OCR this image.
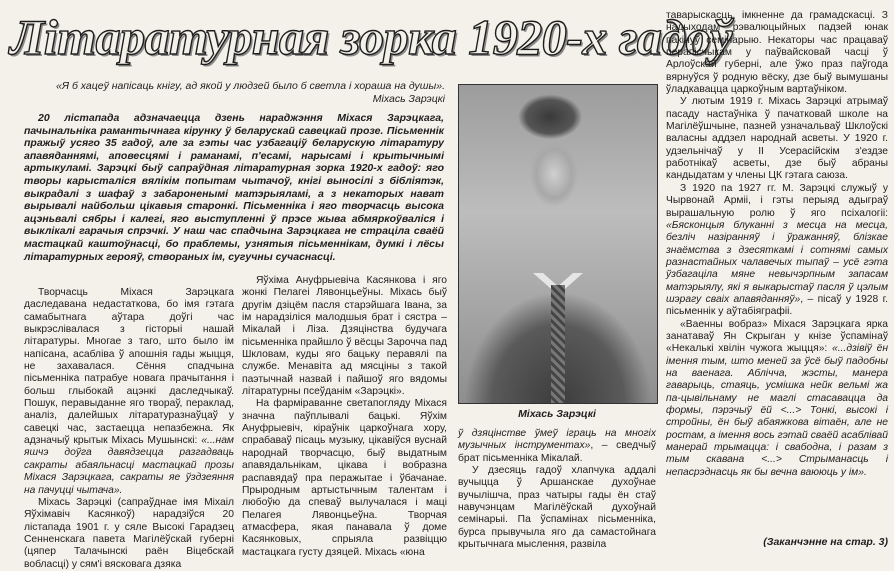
Літаратурная зорка 1920-х гадоў
«Я б хацеў напісаць кнігу, ад якой у людзей было б светла і хораша на душы».
Міхась Зарэцкі

20 лістапада адзначаецца дзень нараджэння Міхася Зарэцкага, пачынальніка рамантычнага кірунку ў беларускай савецкай прозе. Пісьменнік пражыў усяго 35 гадоў, але за гэты час узбагаціў беларускую літаратуру апавяданнямі, аповесцямі і раманамі, п'есамі, нарысамі і крытычнымі артыкуламі. Зарэцкі быў сапраўдная літаратурная зорка 1920-х гадоў: яго творы карысталіся вялікім попытам чытачоў, кнігі выносілі з бібліятэк, выкрадалі з шафаў з забароненымі матэрыяламі, а з некаторых нават вырывалі найбольш цікавыя старонкі. Пісьменніка і яго творчасць высока ацэньвалі сябры і калегі, яго выступленні ў прэсе жыва абмяркоўваліся і выклікалі гарачыя спрэчкі. У наш час спадчына Зарэцкага не страціла сваёй мастацкай каштоўнасці, бо праблемы, узнятыя пісьменнікам, думкі і лёсы літаратурных герояў, створаных ім, сугучны сучаснасці.

Творчасць Міхася Зарэцкага даследавана недастаткова, бо імя гэтага самабытнага аўтара доўгі час выкрэслівалася з гісторыі нашай літаратуры. Многае з таго, што было ім напісана, асабліва ў апошнія гады жыцця, не захавалася. Сёння спадчына пісьменніка патрабуе новага прачытання і больш глыбокай ацэнкі даследчыкаў. Пошук, перавыданне яго твораў, пераклад, аналіз, далейшых літаратуразнаўцаў у савецкі час, застаецца непазбежна. Як адзначыў крытык Міхась Мушынскі: «...нам яшчэ доўга давядзецца разгадваць сакраты абаяльнасці мастацкай прозы Міхася Зарэцкага, сакраты яе ўздзеяння на пачуцці чытача».

Міхась Зарэцкі (сапраўднае імя Міхаіл Яўхімавіч Касянкоў) нарадзіўся 20 лістапада 1901 г. у сяле Высокі Гарадзец Сенненскага павета Магілёўскай губерні (цяпер Талачынскі раён Віцебскай вобласці) у сям'і вясковага дзяка

Яўхіма Ануфрыевіча Касянкова і яго жонкі Пелагеі Лявонцьеўны. Міхась быў другім дзіцём пасля старэйшага Івана, за ім нарадзіліся малодшыя брат і сястра – Мікалай і Ліза. Дзяцінства будучага пісьменніка прайшло ў вёсцы Зарочча пад Шкловам, куды яго бацьку перавялі па службе. Менавіта ад мясціны з такой паэтычнай назвай і пайшоў яго вядомы літаратурны псеўданім «Зарэцкі».

На фарміраванне светапогляду Міхася значна паўплывалі бацькі. Яўхім Ануфрыевіч, кіраўнік царкоўнага хору, спрабаваў пісаць музыку, цікавіўся вуснай народнай творчасцю, быў выдатным апавядальнікам, цікава і вобразна распавядаў пра перажытае і ўбачанае. Прыродным артыстычным талентам і любоўю да спеваў вылучалася і маці Пелагея Лявонцьеўна. Творчая атмасфера, якая панавала ў доме Касянковых, спрыяла развіццю мастацкага густу дзяцей. Міхась «юна

Міхась Зарэцкі

ў дзяцінстве ўмеў іграць на многіх музычных інструментах», – сведчыў брат пісьменніка Мікалай.

У дзесяць гадоў хлапчука аддалі вучыцца ў Аршанскае духоўнае вучылішча, праз чатыры гады ён стаў навучэнцам Магілёўскай духоўнай семінарыі. Па ўспамінах пісьменніка, бурса прывучыла яго да самастойнага крытычнага мыслення, развіла

таварыскасць, імкненне да грамадскасці. З надыходам рэвалюцыйных падзей юнак пакінуў семінарыю. Некаторы час працаваў перапісчыкам у паўвайсковай часці ў Арлоўскай губерні, але ўжо праз паўгода вярнуўся ў родную вёску, дзе быў вымушаны ўладкавацца царкоўным вартаўніком.

У лютым 1919 г. Міхась Зарэцкі атрымаў пасаду настаўніка ў пачатковай школе на Магілёўшчыне, пазней узначальваў Шклоўскі валасны аддзел народнай асветы. У 1920 г. удзельнічаў у ІІ Усерасійскім з'ездзе работнікаў асветы, дзе быў абраны кандыдатам у члены ЦК гэтага саюза.

З 1920 па 1927 гг. М. Зарэцкі служыў у Чырвонай Арміі, і гэты перыяд адыграў вырашальную ролю ў яго псіхалогіі: «Бясконцыя блуканні з месца на месца, безліч назіранняў і ўражанняў, блізкае знаёмства з дзесяткамі і сотнямі самых разнастайных чалавечых тыпаў – усё гэта ўзбагаціла мяне невычэрпным запасам матэрыялу, які я выкарыстаў пасля ў цэлым шэрагу сваіх апавяданняў», – пісаў у 1928 г. пісьменнік у аўтабіяграфіі.

«Ваенны вобраз» Міхася Зарэцкага ярка занатаваў Ян Скрыган у кнізе ўспамінаў «Некалькі хвілін чужога жыцця»: «...дзівіў ён імення тым, што меней за ўсё быў падобны на ваенага. Аблічча, жэсты, манера гаварыць, стаяць, усмішка нейк вельмі жа па-цывільнаму не маглі стасавацца да формы, пэрэчыў ёй <...> Тонкі, высокі і стройны, ён быў абаяжкова вітаён, але не ростам, а імення вось гэтай сваёй асаблівай манерай трымацца: і свабодна, і разам з тым скавана <...> Стрыманасць і непасрэднасць як бы вечна ваююць у ім».

(Заканчэнне на стар. 3)
